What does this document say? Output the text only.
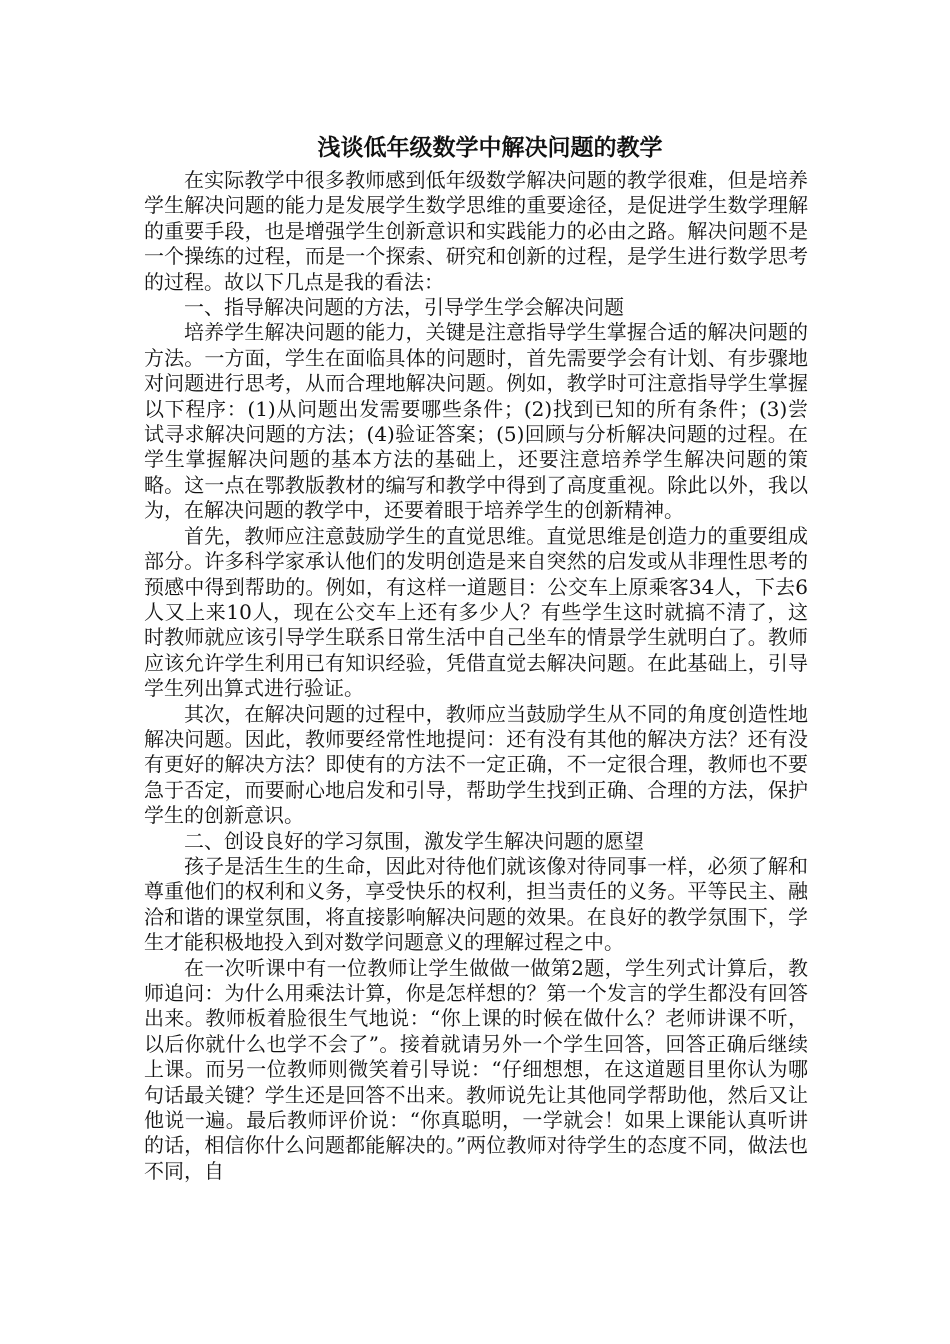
浅谈低年级数学中解决问题的教学

在实际教学中很多教师感到低年级数学解决问题的教学很难，但是培养学生解决问题的能力是发展学生数学思维的重要途径，是促进学生数学理解的重要手段，也是增强学生创新意识和实践能力的必由之路。解决问题不是一个操练的过程，而是一个探索、研究和创新的过程，是学生进行数学思考的过程。故以下几点是我的看法：

一、指导解决问题的方法，引导学生学会解决问题

培养学生解决问题的能力，关键是注意指导学生掌握合适的解决问题的方法。一方面，学生在面临具体的问题时，首先需要学会有计划、有步骤地对问题进行思考，从而合理地解决问题。例如，教学时可注意指导学生掌握以下程序：(1)从问题出发需要哪些条件；(2)找到已知的所有条件；(3)尝试寻求解决问题的方法；(4)验证答案；(5)回顾与分析解决问题的过程。在学生掌握解决问题的基本方法的基础上，还要注意培养学生解决问题的策略。这一点在鄂教版教材的编写和教学中得到了高度重视。除此以外，我以为，在解决问题的教学中，还要着眼于培养学生的创新精神。

首先，教师应注意鼓励学生的直觉思维。直觉思维是创造力的重要组成部分。许多科学家承认他们的发明创造是来自突然的启发或从非理性思考的预感中得到帮助的。例如，有这样一道题目：公交车上原乘客34人，下去6人又上来10人，现在公交车上还有多少人？有些学生这时就搞不清了，这时教师就应该引导学生联系日常生活中自己坐车的情景学生就明白了。教师应该允许学生利用已有知识经验，凭借直觉去解决问题。在此基础上，引导学生列出算式进行验证。

其次，在解决问题的过程中，教师应当鼓励学生从不同的角度创造性地解决问题。因此，教师要经常性地提问：还有没有其他的解决方法？还有没有更好的解决方法？即使有的方法不一定正确，不一定很合理，教师也不要急于否定，而要耐心地启发和引导，帮助学生找到正确、合理的方法，保护学生的创新意识。

二、创设良好的学习氛围，激发学生解决问题的愿望

孩子是活生生的生命，因此对待他们就该像对待同事一样，必须了解和尊重他们的权利和义务，享受快乐的权利，担当责任的义务。平等民主、融洽和谐的课堂氛围，将直接影响解决问题的效果。在良好的教学氛围下，学生才能积极地投入到对数学问题意义的理解过程之中。

在一次听课中有一位教师让学生做做一做第2题，学生列式计算后，教师追问：为什么用乘法计算，你是怎样想的？第一个发言的学生都没有回答出来。教师板着脸很生气地说：“你上课的时候在做什么？老师讲课不听，以后你就什么也学不会了”。接着就请另外一个学生回答，回答正确后继续上课。而另一位教师则微笑着引导说：“仔细想想，在这道题目里你认为哪句话最关键？学生还是回答不出来。教师说先让其他同学帮助他，然后又让他说一遍。最后教师评价说：“你真聪明，一学就会！如果上课能认真听讲的话，相信你什么问题都能解决的。”两位教师对待学生的态度不同，做法也不同，自
